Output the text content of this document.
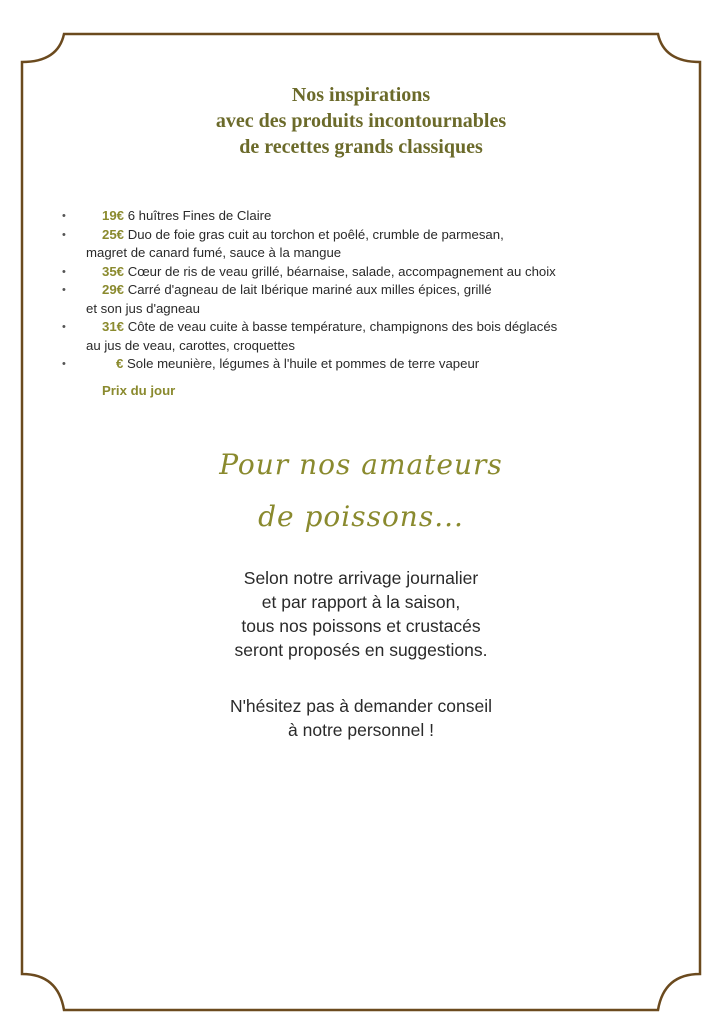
Nos inspirations
avec des produits incontournables
de recettes grands classiques
•	19€ 6 huîtres Fines de Claire
•	25€ Duo de foie gras cuit au torchon et poêlé, crumble de parmesan,
magret de canard fumé, sauce à la mangue
•	35€ Cœur de ris de veau grillé, béarnaise, salade, accompagnement au choix
•	29€ Carré d'agneau de lait Ibérique mariné aux milles épices, grillé
et son jus d'agneau
•	31€ Côte de veau cuite à basse température, champignons des bois déglacés
au jus de veau, carottes, croquettes
•	€ Sole meunière, légumes à l'huile et pommes de terre vapeur
Prix du jour
Pour nos amateurs
de poissons...
Selon notre arrivage journalier
et par rapport à la saison,
tous nos poissons et crustacés
seront proposés en suggestions.
N'hésitez pas à demander conseil
à notre personnel !
